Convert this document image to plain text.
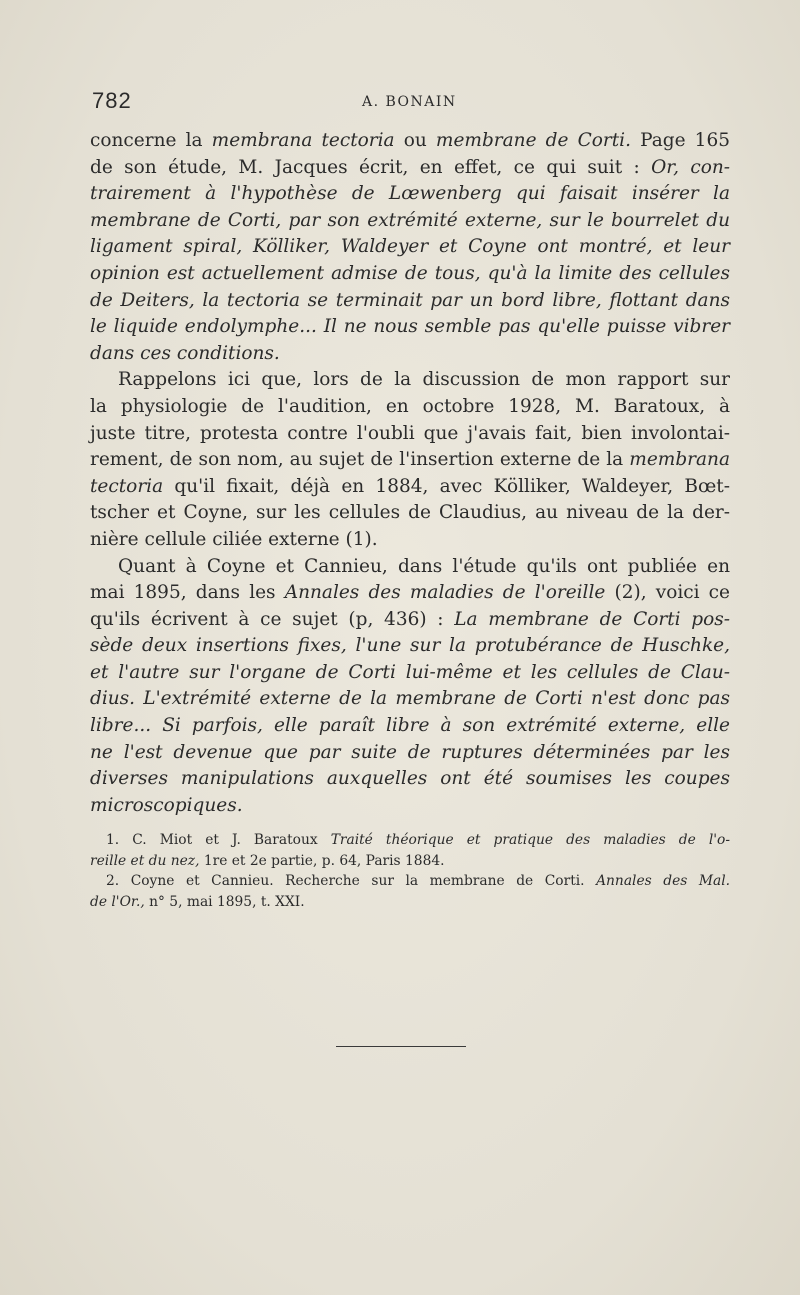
782	A. BONAIN
concerne la membrana tectoria ou membrane de Corti. Page 165
de son étude, M. Jacques écrit, en effet, ce qui suit : Or, con-
trairement à l'hypothèse de Lœwenberg qui faisait insérer la
membrane de Corti, par son extrémité externe, sur le bourrelet du
ligament spiral, Kölliker, Waldeyer et Coyne ont montré, et leur
opinion est actuellement admise de tous, qu'à la limite des cellules
de Deiters, la tectoria se terminait par un bord libre, flottant dans
le liquide endolymphe... Il ne nous semble pas qu'elle puisse vibrer
dans ces conditions.
Rappelons ici que, lors de la discussion de mon rapport sur
la physiologie de l'audition, en octobre 1928, M. Baratoux, à
juste titre, protesta contre l'oubli que j'avais fait, bien involontai-
rement, de son nom, au sujet de l'insertion externe de la membrana
tectoria qu'il fixait, déjà en 1884, avec Kölliker, Waldeyer, Bœt-
tscher et Coyne, sur les cellules de Claudius, au niveau de la der-
nière cellule ciliée externe (1).
Quant à Coyne et Cannieu, dans l'étude qu'ils ont publiée en
mai 1895, dans les Annales des maladies de l'oreille (2), voici ce
qu'ils écrivent à ce sujet (p, 436) : La membrane de Corti pos-
sède deux insertions fixes, l'une sur la protubérance de Huschke,
et l'autre sur l'organe de Corti lui-même et les cellules de Clau-
dius. L'extrémité externe de la membrane de Corti n'est donc pas
libre... Si parfois, elle paraît libre à son extrémité externe, elle
ne l'est devenue que par suite de ruptures déterminées par les
diverses manipulations auxquelles ont été soumises les coupes
microscopiques.
1. C. Miot et J. Baratoux Traité théorique et pratique des maladies de l'o-
reille et du nez, 1re et 2e partie, p. 64, Paris 1884.
2. Coyne et Cannieu. Recherche sur la membrane de Corti. Annales des Mal.
de l'Or., n° 5, mai 1895, t. XXI.
